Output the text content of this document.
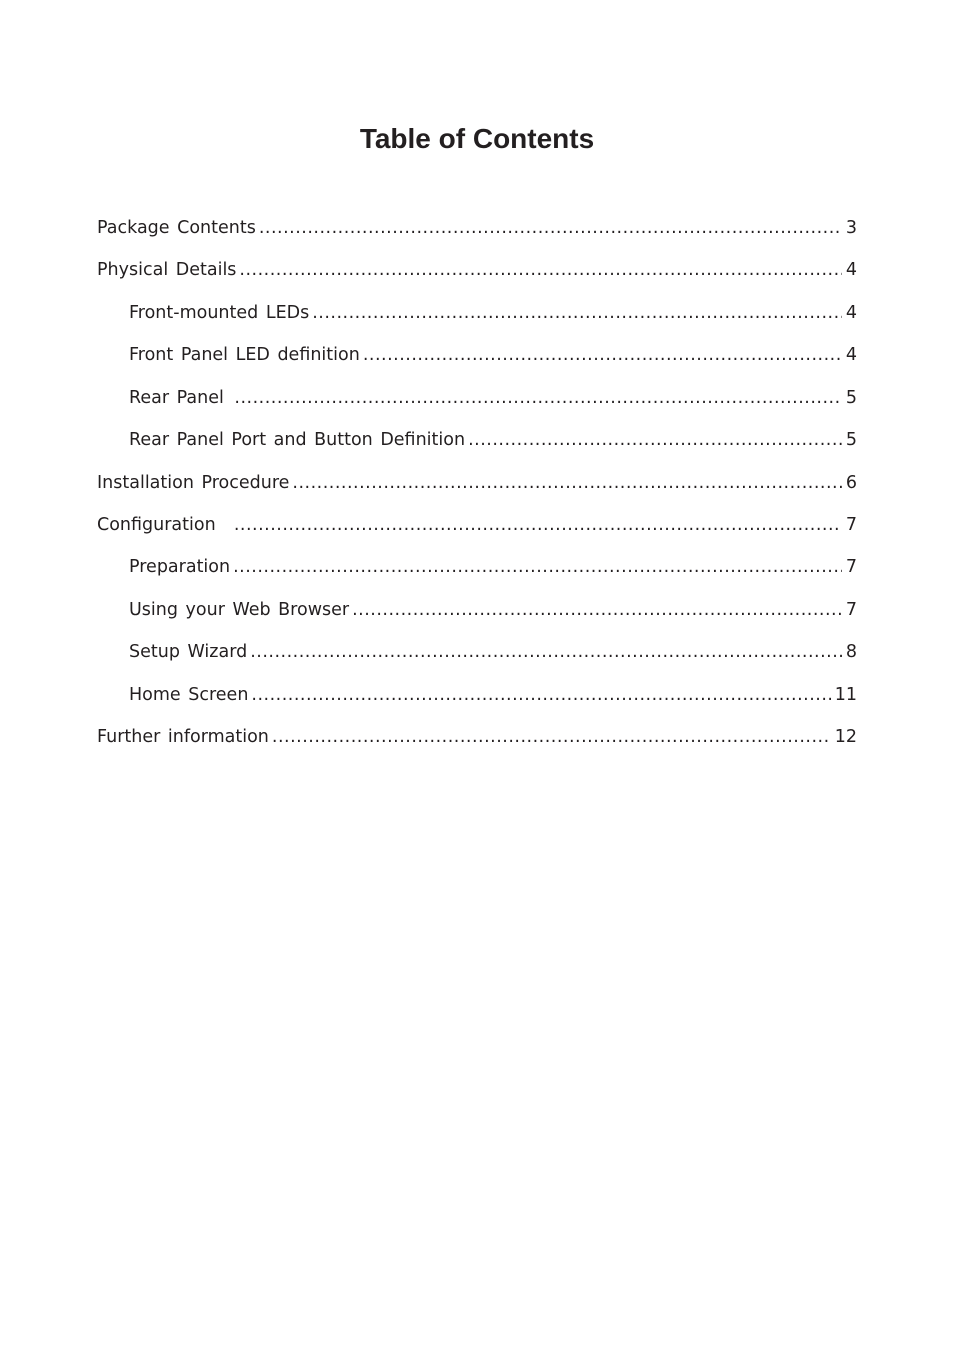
Table of Contents
Package Contents .....	3
Physical Details .....	4
Front-mounted LEDs .....	4
Front Panel LED definition .....	4
Rear Panel .....	5
Rear Panel Port and Button Definition .....	5
Installation Procedure .....	6
Configuration .....	7
Preparation .....	7
Using your Web Browser .....	7
Setup Wizard .....	8
Home Screen .....	11
Further information .....	12
